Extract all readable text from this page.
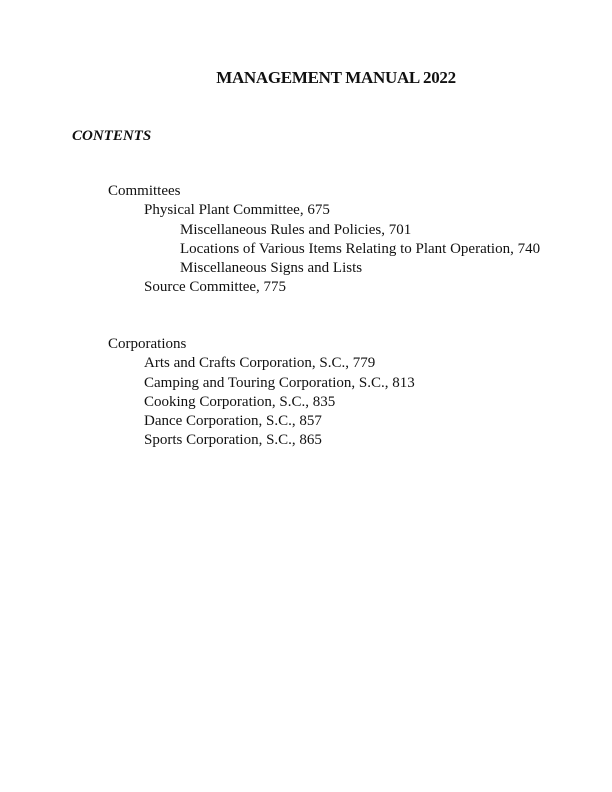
MANAGEMENT MANUAL 2022
CONTENTS
Committees
Physical Plant Committee, 675
Miscellaneous Rules and Policies, 701
Locations of Various Items Relating to Plant Operation, 740
Miscellaneous Signs and Lists
Source Committee, 775
Corporations
Arts and Crafts Corporation, S.C., 779
Camping and Touring Corporation, S.C., 813
Cooking Corporation, S.C., 835
Dance Corporation, S.C., 857
Sports Corporation, S.C., 865
